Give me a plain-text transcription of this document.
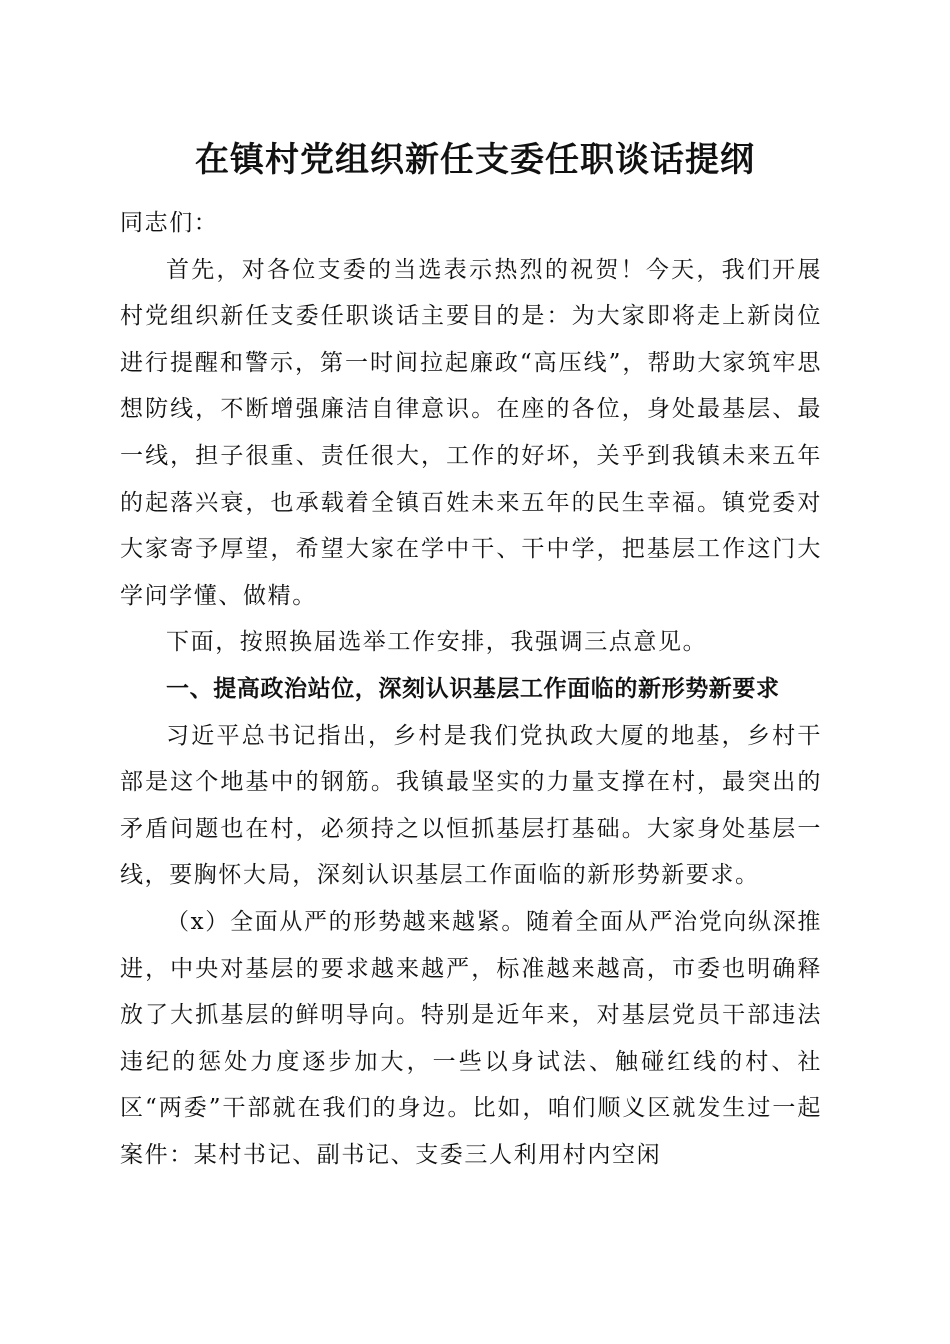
在镇村党组织新任支委任职谈话提纲

同志们：

首先，对各位支委的当选表示热烈的祝贺！今天，我们开展村党组织新任支委任职谈话主要目的是：为大家即将走上新岗位进行提醒和警示，第一时间拉起廉政“高压线”，帮助大家筑牢思想防线，不断增强廉洁自律意识。在座的各位，身处最基层、最一线，担子很重、责任很大，工作的好坏，关乎到我镇未来五年的起落兴衰，也承载着全镇百姓未来五年的民生幸福。镇党委对大家寄予厚望，希望大家在学中干、干中学，把基层工作这门大学问学懂、做精。

下面，按照换届选举工作安排，我强调三点意见。

一、提高政治站位，深刻认识基层工作面临的新形势新要求

习近平总书记指出，乡村是我们党执政大厦的地基，乡村干部是这个地基中的钢筋。我镇最坚实的力量支撑在村，最突出的矛盾问题也在村，必须持之以恒抓基层打基础。大家身处基层一线，要胸怀大局，深刻认识基层工作面临的新形势新要求。

（x）全面从严的形势越来越紧。随着全面从严治党向纵深推进，中央对基层的要求越来越严，标准越来越高，市委也明确释放了大抓基层的鲜明导向。特别是近年来，对基层党员干部违法违纪的惩处力度逐步加大，一些以身试法、触碰红线的村、社区“两委”干部就在我们的身边。比如，咱们顺义区就发生过一起案件：某村书记、副书记、支委三人利用村内空闲
